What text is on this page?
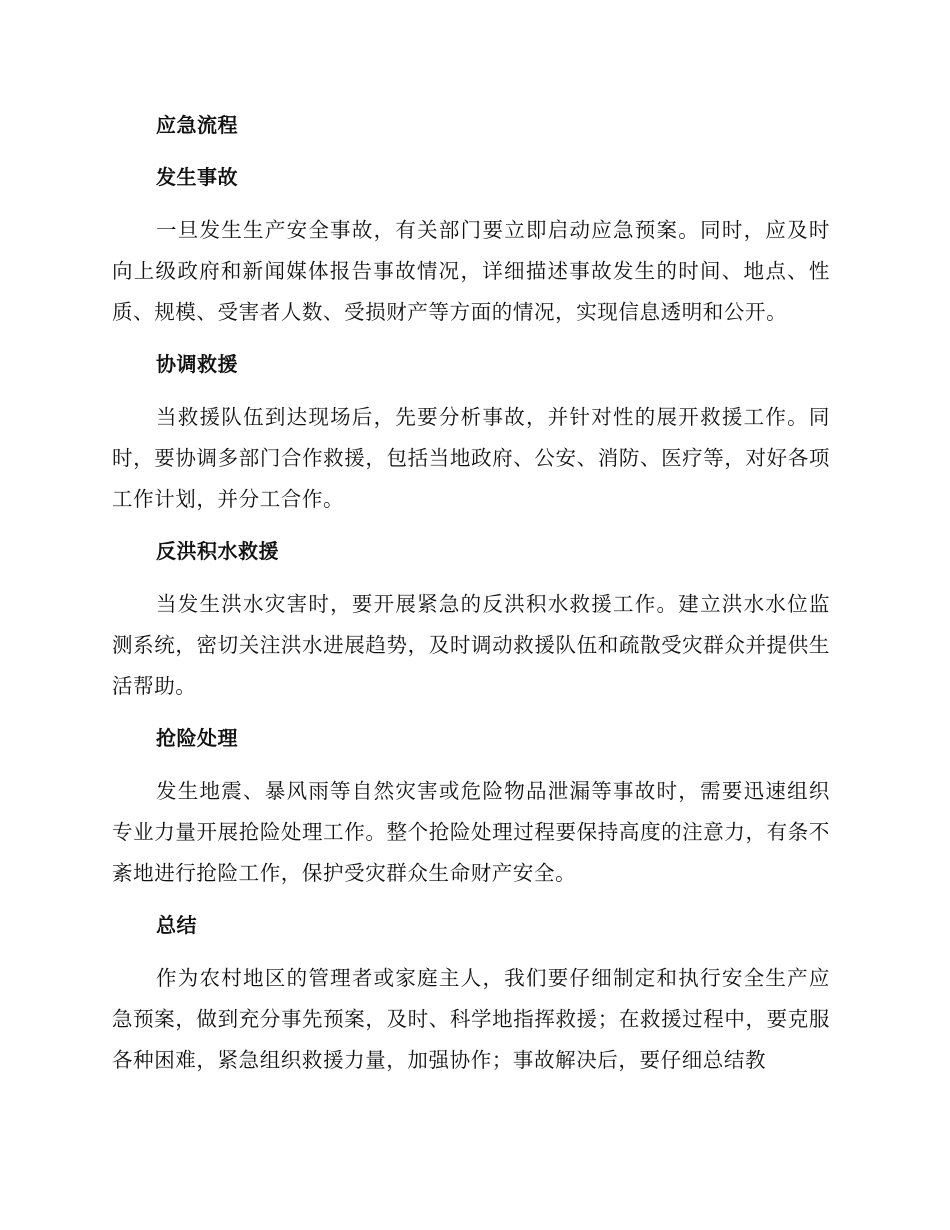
应急流程
发生事故

一旦发生生产安全事故，有关部门要立即启动应急预案。同时，应及时向上级政府和新闻媒体报告事故情况，详细描述事故发生的时间、地点、性质、规模、受害者人数、受损财产等方面的情况，实现信息透明和公开。

协调救援

当救援队伍到达现场后，先要分析事故，并针对性的展开救援工作。同时，要协调多部门合作救援，包括当地政府、公安、消防、医疗等，对好各项工作计划，并分工合作。

反洪积水救援

当发生洪水灾害时，要开展紧急的反洪积水救援工作。建立洪水水位监测系统，密切关注洪水进展趋势，及时调动救援队伍和疏散受灾群众并提供生 活帮助。

抢险处理

发生地震、暴风雨等自然灾害或危险物品泄漏等事故时，需要迅速组织专业力量开展抢险处理工作。整个抢险处理过程要保持高度的注意力，有条不紊地进行抢险工作，保护受灾群众生命财产安全。

总结

作为农村地区的管理者或家庭主人，我们要仔细制定和执行安全生产应急预案，做到充分事先预案，及时、科学地指挥救援；在救援过程中，要克服各种困难，紧急组织救援力量，加强协作；事故解决后，要仔细总结教
